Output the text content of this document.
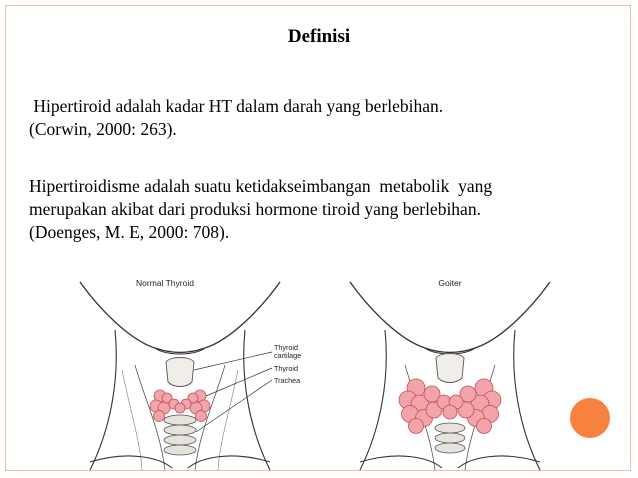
Definisi
Hipertiroid adalah kadar HT dalam darah yang berlebihan.
(Corwin, 2000: 263).
Hipertiroidisme adalah suatu ketidakseimbangan  metabolik  yang
merupakan akibat dari produksi hormone tiroid yang berlebihan.
(Doenges, M. E, 2000: 708).
Normal Thyroid
Thyroid cartilage
Thyroid
Trachea
Goiter
